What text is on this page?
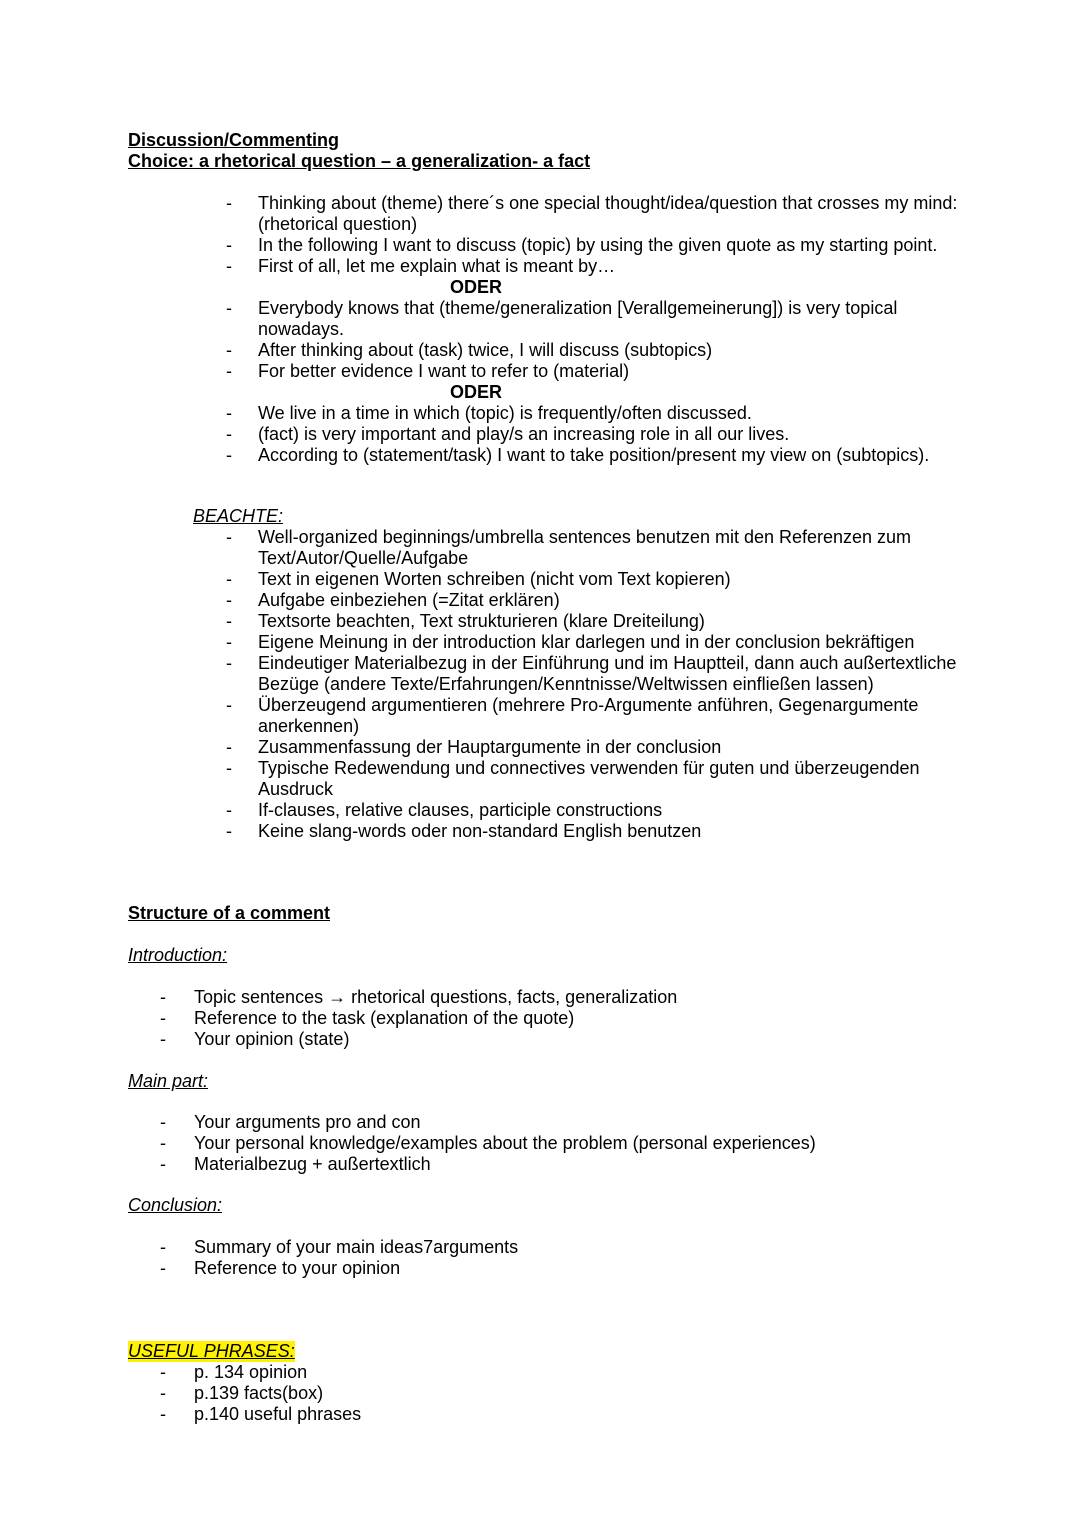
Discussion/Commenting
Choice: a rhetorical question – a generalization- a fact
- Thinking about (theme) there´s one special thought/idea/question that crosses my mind: (rhetorical question)
- In the following I want to discuss (topic) by using the given quote as my starting point.
- First of all, let me explain what is meant by…
ODER
- Everybody knows that (theme/generalization [Verallgemeinerung]) is very topical nowadays.
- After thinking about (task) twice, I will discuss (subtopics)
- For better evidence I want to refer to (material)
ODER
- We live in a time in which (topic) is frequently/often discussed.
- (fact) is very important and play/s an increasing role in all our lives.
- According to (statement/task) I want to take position/present my view on (subtopics).
BEACHTE:
- Well-organized beginnings/umbrella sentences benutzen mit den Referenzen zum Text/Autor/Quelle/Aufgabe
- Text in eigenen Worten schreiben (nicht vom Text kopieren)
- Aufgabe einbeziehen (=Zitat erklären)
- Textsorte beachten, Text strukturieren (klare Dreiteilung)
- Eigene Meinung in der introduction klar darlegen und in der conclusion bekräftigen
- Eindeutiger Materialbezug in der Einführung und im Hauptteil, dann auch außertextliche Bezüge (andere Texte/Erfahrungen/Kenntnisse/Weltwissen einfließen lassen)
- Überzeugend argumentieren (mehrere Pro-Argumente anführen, Gegenargumente anerkennen)
- Zusammenfassung der Hauptargumente in der conclusion
- Typische Redewendung und connectives verwenden für guten und überzeugenden Ausdruck
- If-clauses, relative clauses, participle constructions
- Keine slang-words oder non-standard English benutzen
Structure of a comment
Introduction:
- Topic sentences → rhetorical questions, facts, generalization
- Reference to the task (explanation of the quote)
- Your opinion (state)
Main part:
- Your arguments pro and con
- Your personal knowledge/examples about the problem (personal experiences)
- Materialbezug + außertextlich
Conclusion:
- Summary of your main ideas7arguments
- Reference to your opinion
USEFUL PHRASES:
- p. 134 opinion
- p.139 facts(box)
- p.140 useful phrases
